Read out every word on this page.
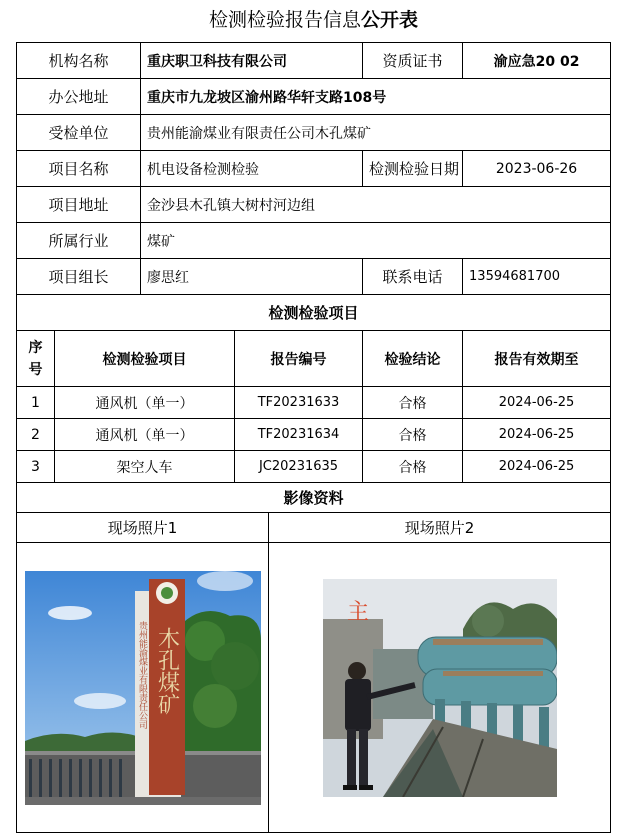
检测检验报告信息公开表
机构名称		重庆职卫科技有限公司			资质证书	渝应急20 02
办公地址		重庆市九龙坡区渝州路华轩支路108号				
受检单位		贵州能渝煤业有限责任公司木孔煤矿				
项目名称		机电设备检测检验			检测检验日期	2023-06-26
项目地址		金沙县木孔镇大树村河边组				
所属行业		煤矿				
项目组长		廖思红			联系电话	13594681700
检测检验项目						
序
号	检测检验项目		报告编号		检验结论	报告有效期至
1	通风机（单一）		TF20231633		合格	2024-06-25
2	通风机（单一）		TF20231634		合格	2024-06-25
3	架空人车		JC20231635		合格	2024-06-25
影像资料						
现场照片1				现场照片2		

贵州能渝煤业有限责任公司 木孔煤矿				主		
